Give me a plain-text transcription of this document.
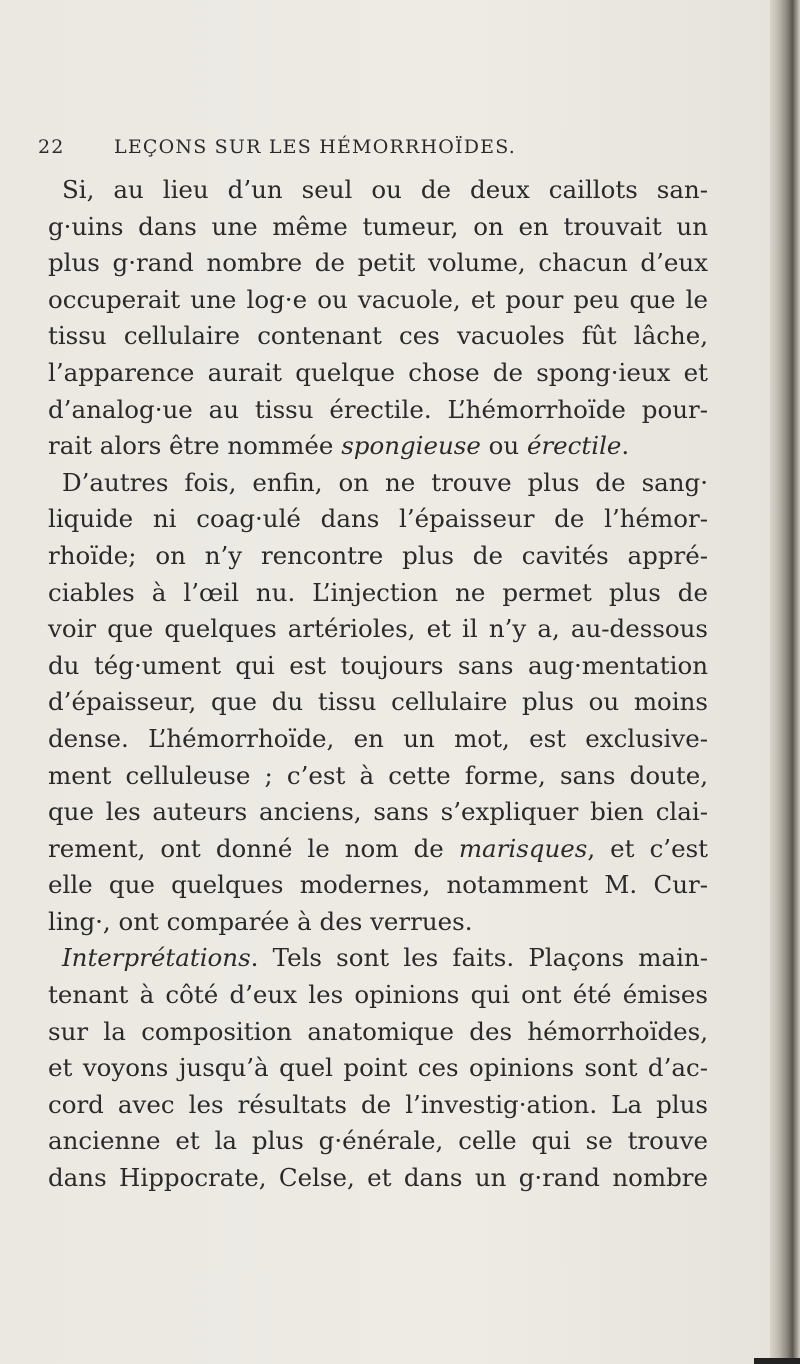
22	LEÇONS SUR LES HÉMORRHOÏDES.
Si, au lieu d’un seul ou de deux caillots san-
g·uins dans une même tumeur, on en trouvait un
plus g·rand nombre de petit volume, chacun d’eux
occuperait une log·e ou vacuole, et pour peu que le
tissu cellulaire contenant ces vacuoles fût lâche,
l’apparence aurait quelque chose de spong·ieux et
d’analog·ue au tissu érectile. L’hémorrhoïde pour-
rait alors être nommée spongieuse ou érectile.
D’autres fois, enfin, on ne trouve plus de sang·
liquide ni coag·ulé dans l’épaisseur de l’hémor-
rhoïde; on n’y rencontre plus de cavités appré-
ciables à l’œil nu. L’injection ne permet plus de
voir que quelques artérioles, et il n’y a, au-dessous
du tég·ument qui est toujours sans aug·mentation
d’épaisseur, que du tissu cellulaire plus ou moins
dense. L’hémorrhoïde, en un mot, est exclusive-
ment celluleuse ; c’est à cette forme, sans doute,
que les auteurs anciens, sans s’expliquer bien clai-
rement, ont donné le nom de marisques, et c’est
elle que quelques modernes, notamment M. Cur-
ling·, ont comparée à des verrues.
Interprétations. Tels sont les faits. Plaçons main-
tenant à côté d’eux les opinions qui ont été émises
sur la composition anatomique des hémorrhoïdes,
et voyons jusqu’à quel point ces opinions sont d’ac-
cord avec les résultats de l’investig·ation. La plus
ancienne et la plus g·énérale, celle qui se trouve
dans Hippocrate, Celse, et dans un g·rand nombre
